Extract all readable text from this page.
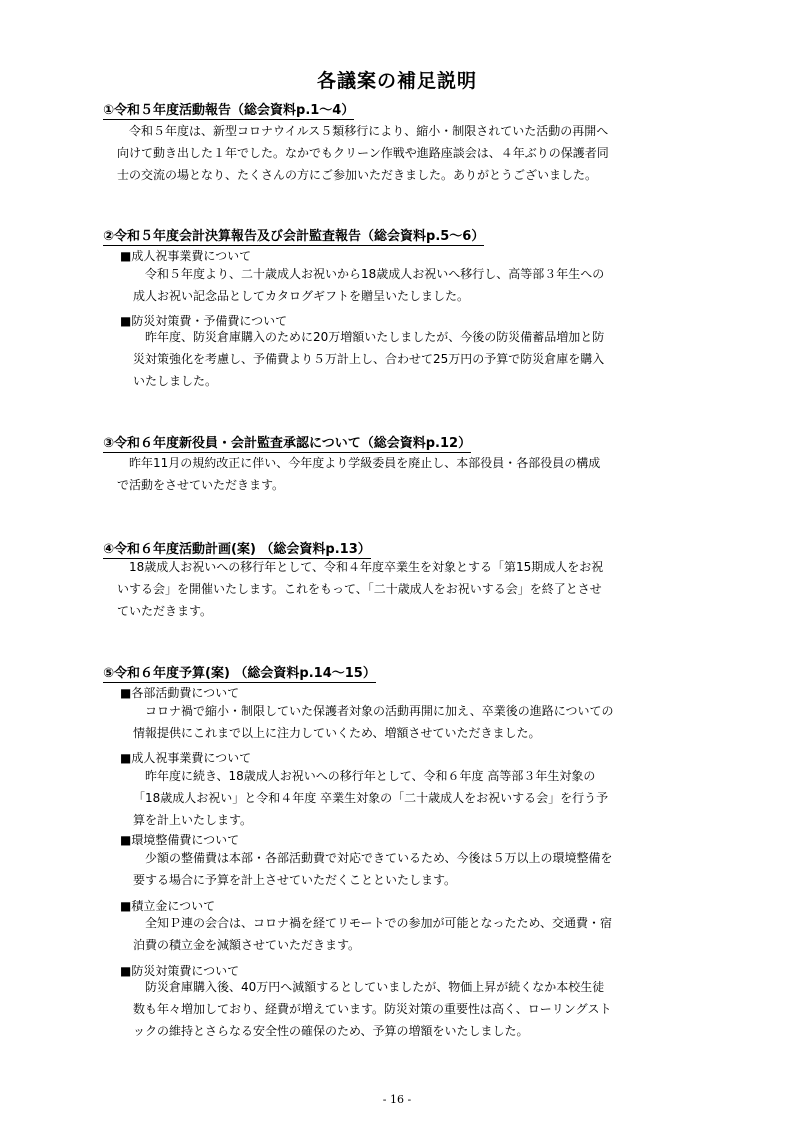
各議案の補足説明
①令和５年度活動報告（総会資料p.1～4）
令和５年度は、新型コロナウイルス５類移行により、縮小・制限されていた活動の再開へ
向けて動き出した１年でした。なかでもクリーン作戦や進路座談会は、４年ぶりの保護者同
士の交流の場となり、たくさんの方にご参加いただきました。ありがとうございました。
②令和５年度会計決算報告及び会計監査報告（総会資料p.5～6）
■成人祝事業費について
令和５年度より、二十歳成人お祝いから18歳成人お祝いへ移行し、高等部３年生への
成人お祝い記念品としてカタログギフトを贈呈いたしました。
■防災対策費・予備費について
昨年度、防災倉庫購入のために20万増額いたしましたが、今後の防災備蓄品増加と防
災対策強化を考慮し、予備費より５万計上し、合わせて25万円の予算で防災倉庫を購入
いたしました。
③令和６年度新役員・会計監査承認について（総会資料p.12）
昨年11月の規約改正に伴い、今年度より学級委員を廃止し、本部役員・各部役員の構成
で活動をさせていただきます。
④令和６年度活動計画(案) （総会資料p.13）
18歳成人お祝いへの移行年として、令和４年度卒業生を対象とする「第15期成人をお祝
いする会」を開催いたします。これをもって、「二十歳成人をお祝いする会」を終了とさせ
ていただきます。
⑤令和６年度予算(案) （総会資料p.14～15）
■各部活動費について
コロナ禍で縮小・制限していた保護者対象の活動再開に加え、卒業後の進路についての
情報提供にこれまで以上に注力していくため、増額させていただきました。
■成人祝事業費について
昨年度に続き、18歳成人お祝いへの移行年として、令和６年度 高等部３年生対象の
「18歳成人お祝い」と令和４年度 卒業生対象の「二十歳成人をお祝いする会」を行う予
算を計上いたします。
■環境整備費について
少額の整備費は本部・各部活動費で対応できているため、今後は５万以上の環境整備を
要する場合に予算を計上させていただくことといたします。
■積立金について
全知Ｐ連の会合は、コロナ禍を経てリモートでの参加が可能となったため、交通費・宿
泊費の積立金を減額させていただきます。
■防災対策費について
防災倉庫購入後、40万円へ減額するとしていましたが、物価上昇が続くなか本校生徒
数も年々増加しており、経費が増えています。防災対策の重要性は高く、ローリングスト
ックの維持とさらなる安全性の確保のため、予算の増額をいたしました。
- 16 -
